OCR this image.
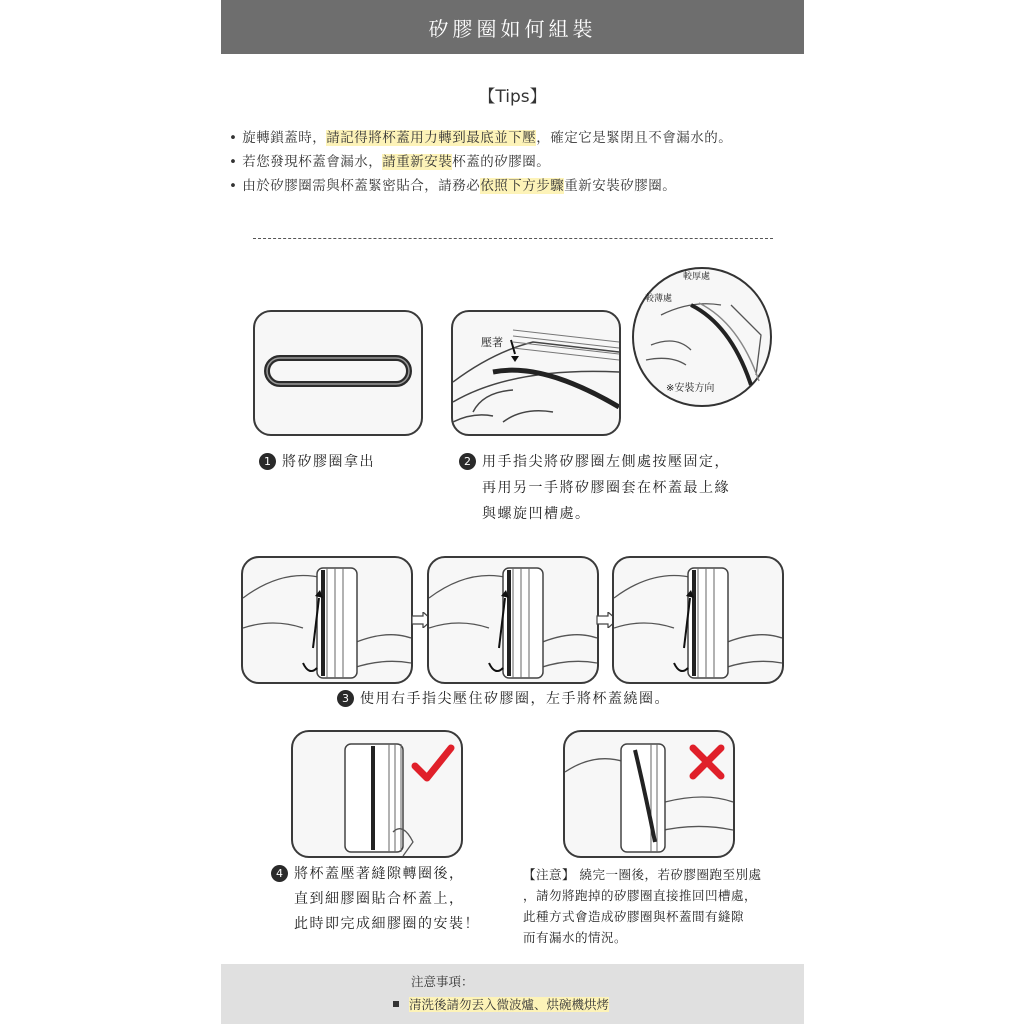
矽膠圈如何組裝
【Tips】
• 旋轉鎖蓋時，請記得將杯蓋用力轉到最底並下壓，確定它是緊閉且不會漏水的。
• 若您發現杯蓋會漏水，請重新安裝杯蓋的矽膠圈。
• 由於矽膠圈需與杯蓋緊密貼合，請務必依照下方步驟重新安裝矽膠圈。
1 將矽膠圈拿出
壓著
較厚處
較薄處
※安裝方向
2 用手指尖將矽膠圈左側處按壓固定，
再用另一手將矽膠圈套在杯蓋最上緣
與螺旋凹槽處。
3 使用右手指尖壓住矽膠圈，左手將杯蓋繞圈。
4 將杯蓋壓著縫隙轉圈後，
直到細膠圈貼合杯蓋上，
此時即完成細膠圈的安裝！
【注意】 繞完一圈後，若矽膠圈跑至別處
，請勿將跑掉的矽膠圈直接推回凹槽處，
此種方式會造成矽膠圈與杯蓋間有縫隙
而有漏水的情況。
注意事項：
清洗後請勿丟入微波爐、烘碗機烘烤
